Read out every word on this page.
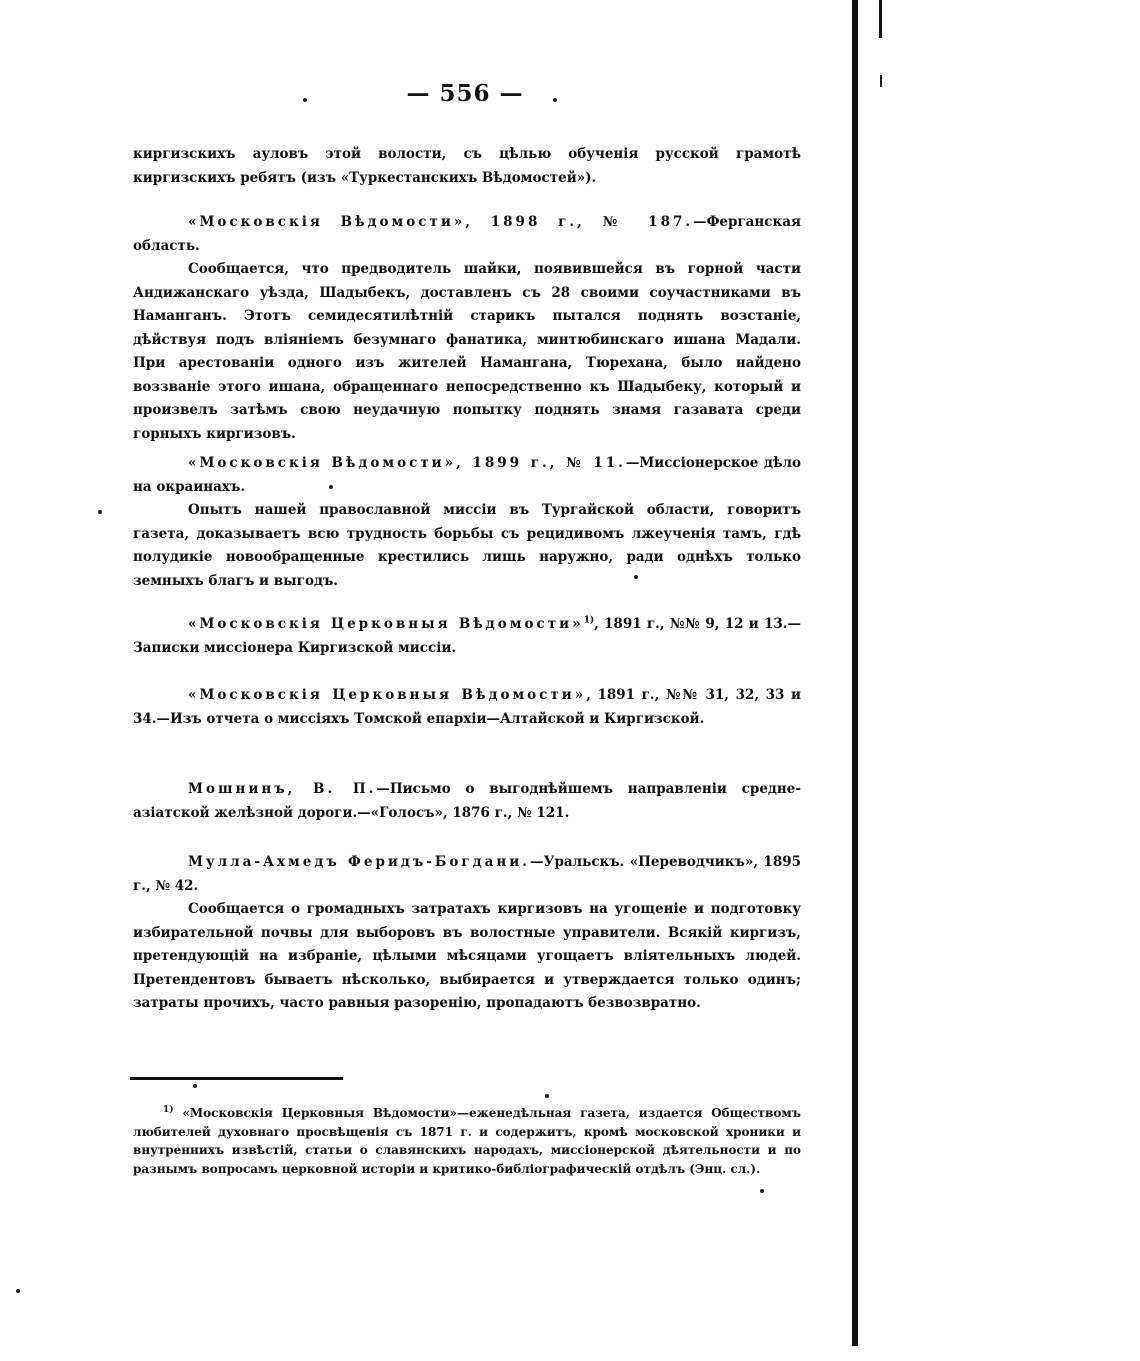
— 556 —

киргизскихъ ауловъ этой волости, съ цѣлью обученія русской грамотѣ киргизскихъ ребятъ (изъ «Туркестанскихъ Вѣдомостей»).

«Московскія Вѣдомости», 1898 г., № 187.—Ферганская область.

Сообщается, что предводитель шайки, появившейся въ горной части Андижанскаго уѣзда, Шадыбекъ, доставленъ съ 28 своими соучастниками въ Наманганъ. Этотъ семидесятилѣтній старикъ пытался поднять возстаніе, дѣйствуя подъ вліяніемъ безумнаго фанатика, минтюбинскаго ишана Мадали. При арестованіи одного изъ жителей Намангана, Тюрехана, было найдено воззваніе этого ишана, обращеннаго непосредственно къ Шадыбеку, который и произвелъ затѣмъ свою неудачную попытку поднять знамя газавата среди горныхъ киргизовъ.

«Московскія Вѣдомости», 1899 г., № 11.—Миссіонерское дѣло на окраинахъ.

Опытъ нашей православной миссіи въ Тургайской области, говоритъ газета, доказываетъ всю трудность борьбы съ рецидивомъ лжеученія тамъ, гдѣ полудикіе новообращенные крестились лишь наружно, ради однѣхъ только земныхъ благъ и выгодъ.

«Московскія Церковныя Вѣдомости»$^{1)}$, 1891 г., №№ 9, 12 и 13.—Записки миссіонера Киргизской миссіи.

«Московскія Церковныя Вѣдомости», 1891 г., №№ 31, 32, 33 и 34.—Изъ отчета о миссіяхъ Томской епархіи—Алтайской и Киргизской.

Мошнинъ, В. П.—Письмо о выгоднѣйшемъ направленіи средне-азіатской желѣзной дороги.—«Голосъ», 1876 г., № 121.

Мулла-Ахмедъ Феридъ-Богдани.—Уральскъ. «Переводчикъ», 1895 г., № 42.

Сообщается о громадныхъ затратахъ киргизовъ на угощеніе и подготовку избирательной почвы для выборовъ въ волостные управители. Всякій киргизъ, претендующій на избраніе, цѣлыми мѣсяцами угощаетъ вліятельныхъ людей. Претендентовъ бываетъ нѣсколько, выбирается и утверждается только одинъ; затраты прочихъ, часто равныя разоренію, пропадаютъ безвозвратно.

$^{1)}$ «Московскія Церковныя Вѣдомости»—еженедѣльная газета, издается Обществомъ любителей духовнаго просвѣщенія съ 1871 г. и содержитъ, кромѣ московской хроники и внутреннихъ извѣстій, статьи о славянскихъ народахъ, миссіонерской дѣятельности и по разнымъ вопросамъ церковной исторіи и критико-библіографическій отдѣлъ (Энц. сл.).
